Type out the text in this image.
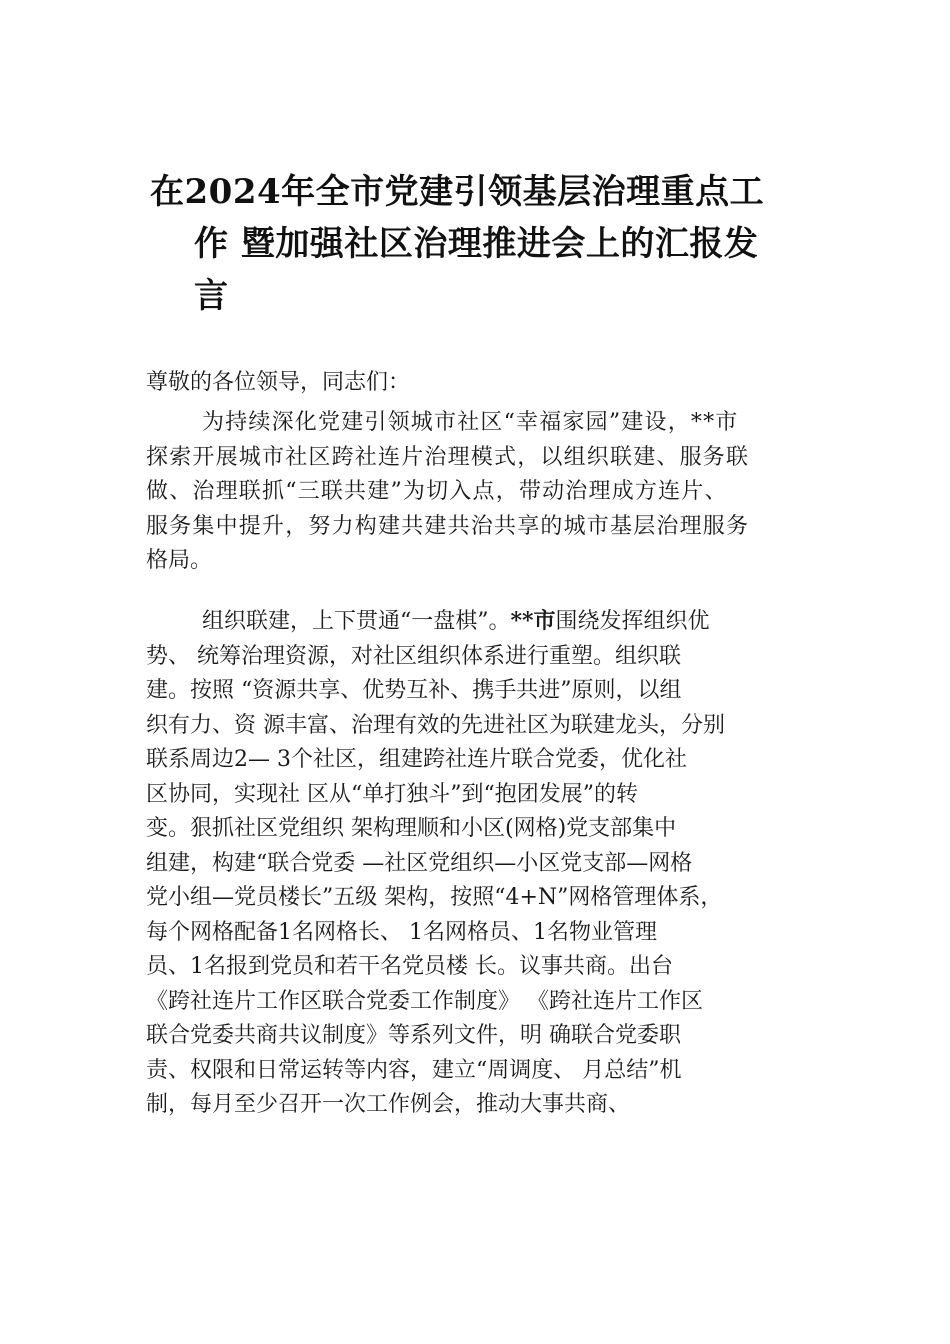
在2024年全市党建引领基层治理重点工
作 暨加强社区治理推进会上的汇报发
言
尊敬的各位领导，同志们：
为持续深化党建引领城市社区“幸福家园”建设，**市
探索开展城市社区跨社连片治理模式，以组织联建、服务联
做、治理联抓“三联共建”为切入点，带动治理成方连片、
服务集中提升，努力构建共建共治共享的城市基层治理服务
格局。
组织联建，上下贯通“一盘棋”。**市围绕发挥组织优
势、 统筹治理资源，对社区组织体系进行重塑。组织联
建。按照 “资源共享、优势互补、携手共进”原则，以组
织有力、资 源丰富、治理有效的先进社区为联建龙头，分别
联系周边2— 3个社区，组建跨社连片联合党委，优化社
区协同，实现社 区从“单打独斗”到“抱团发展”的转
变。狠抓社区党组织 架构理顺和小区(网格)党支部集中
组建，构建“联合党委 —社区党组织—小区党支部—网格
党小组—党员楼长”五级 架构，按照“4+N”网格管理体系，
每个网格配备1名网格长、 1名网格员、1名物业管理
员、1名报到党员和若干名党员楼 长。议事共商。出台
《跨社连片工作区联合党委工作制度》 《跨社连片工作区
联合党委共商共议制度》等系列文件，明 确联合党委职
责、权限和日常运转等内容，建立“周调度、 月总结”机
制，每月至少召开一次工作例会，推动大事共商、
